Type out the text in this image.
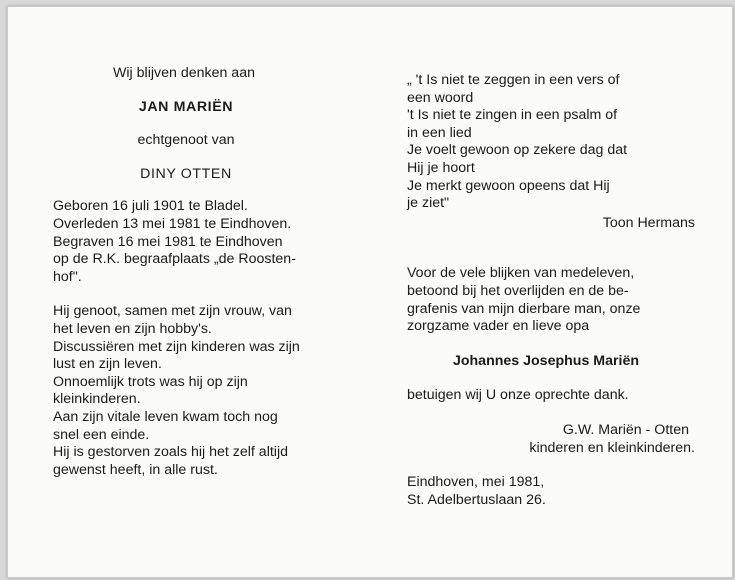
Wij blijven denken aan

JAN MARIËN

echtgenoot van

DINY OTTEN

Geboren 16 juli 1901 te Bladel.

Overleden 13 mei 1981 te Eindhoven.

Begraven 16 mei 1981 te Eindhoven

op de R.K. begraafplaats „de Roosten-

hof".

Hij genoot, samen met zijn vrouw, van

het leven en zijn hobby's.

Discussiëren met zijn kinderen was zijn

lust en zijn leven.

Onnoemlijk trots was hij op zijn

kleinkinderen.

Aan zijn vitale leven kwam toch nog

snel een einde.

Hij is gestorven zoals hij het zelf altijd

gewenst heeft, in alle rust.

„ 't Is niet te zeggen in een vers of

een woord

't Is niet te zingen in een psalm of

in een lied

Je voelt gewoon op zekere dag dat

Hij je hoort

Je merkt gewoon opeens dat Hij

je ziet"

Toon Hermans

Voor de vele blijken van medeleven,

betoond bij het overlijden en de be-

grafenis van mijn dierbare man, onze

zorgzame vader en lieve opa

Johannes Josephus Mariën

betuigen wij U onze oprechte dank.

G.W. Mariën - Otten

kinderen en kleinkinderen.

Eindhoven, mei 1981,

St. Adelbertuslaan 26.
